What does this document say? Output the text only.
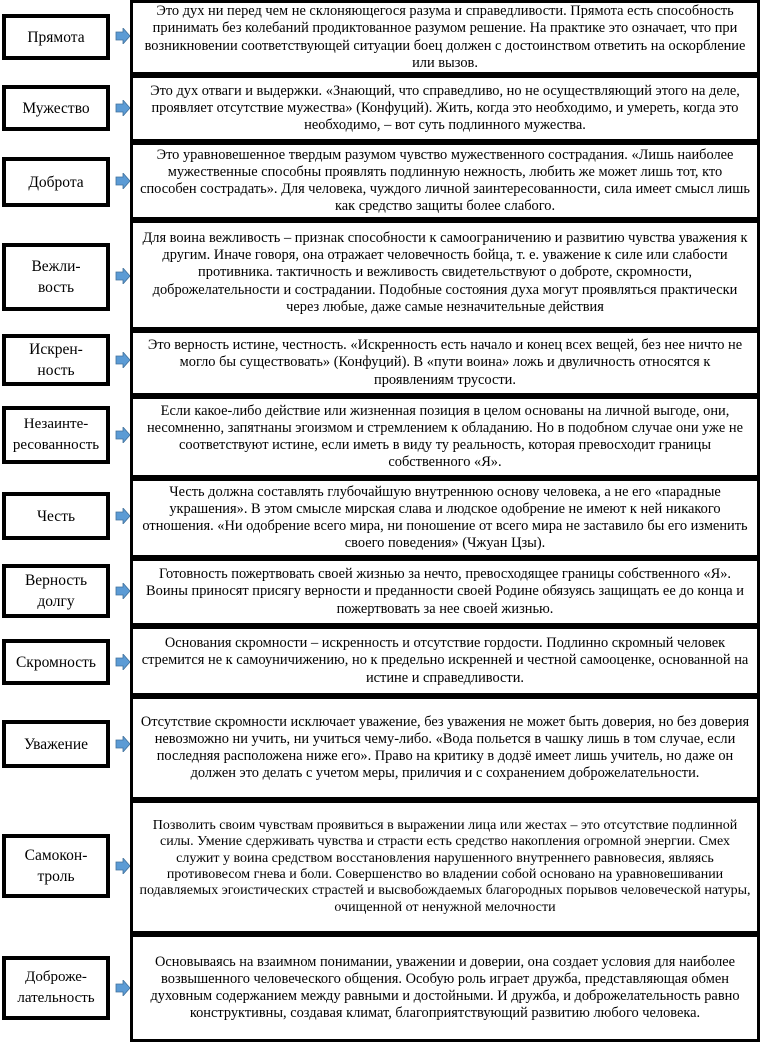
Прямота
Это дух ни перед чем не склоняющегося разума и справедливости. Прямота есть способность принимать без колебаний продиктованное разумом решение. На практике это означает, что при возникновении соответствующей ситуации боец должен с достоинством ответить на оскорбление или вызов.
Мужество
Это дух отваги и выдержки. «Знающий, что справедливо, но не осуществляющий этого на деле, проявляет отсутствие мужества» (Конфуций). Жить, когда это необходимо, и умереть, когда это необходимо, – вот суть подлинного мужества.
Доброта
Это уравновешенное твердым разумом чувство мужественного сострадания. «Лишь наиболее мужественные способны проявлять подлинную нежность, любить же может лишь тот, кто способен сострадать». Для человека, чуждого личной заинтересованности, сила имеет смысл лишь как средство защиты более слабого.
Вежли-
вость
Для воина вежливость – признак способности к самоограничению и развитию чувства уважения к другим. Иначе говоря, она отражает человечность бойца, т. е. уважение к силе или слабости противника. тактичность и вежливость свидетельствуют о доброте, скромности, доброжелательности и сострадании. Подобные состояния духа могут проявляться практически через любые, даже самые незначительные действия
Искрен-
ность
Это верность истине, честность. «Искренность есть начало и конец всех вещей, без нее ничто не могло бы существовать» (Конфуций). В «пути воина» ложь и двуличность относятся к проявлениям трусости.
Незаинте-
ресованность
Если какое-либо действие или жизненная позиция в целом основаны на личной выгоде, они, несомненно, запятнаны эгоизмом и стремлением к обладанию. Но в подобном случае они уже не соответствуют истине, если иметь в виду ту реальность, которая превосходит границы собственного «Я».
Честь
Честь должна составлять глубочайшую внутреннюю основу человека, а не его «парадные украшения». В этом смысле мирская слава и людское одобрение не имеют к ней никакого отношения. «Ни одобрение всего мира, ни поношение от всего мира не заставило бы его изменить своего поведения» (Чжуан Цзы).
Верность долгу
Готовность пожертвовать своей жизнью за нечто, превосходящее границы собственного «Я». Воины приносят присягу верности и преданности своей Родине обязуясь защищать ее до конца и пожертвовать за нее своей жизнью.
Скромность
Основания скромности – искренность и отсутствие гордости. Подлинно скромный человек стремится не к самоуничижению, но к предельно искренней и честной самооценке, основанной на истине и справедливости.
Уважение
Отсутствие скромности исключает уважение, без уважения не может быть доверия, но без доверия невозможно ни учить, ни учиться чему-либо. «Вода польется в чашку лишь в том случае, если последняя расположена ниже его». Право на критику в додзё имеет лишь учитель, но даже он должен это делать с учетом меры, приличия и с сохранением доброжелательности.
Самокон-
троль
Позволить своим чувствам проявиться в выражении лица или жестах – это отсутствие подлинной силы. Умение сдерживать чувства и страсти есть средство накопления огромной энергии. Смех служит у воина средством восстановления нарушенного внутреннего равновесия, являясь противовесом гнева и боли. Совершенство во владении собой основано на уравновешивании подавляемых эгоистических страстей и высвобождаемых благородных порывов человеческой натуры, очищенной от ненужной мелочности
Доброже-
лательность
Основываясь на взаимном понимании, уважении и доверии, она создает условия для наиболее возвышенного человеческого общения. Особую роль играет дружба, представляющая обмен духовным содержанием между равными и достойными. И дружба, и доброжелательность равно конструктивны, создавая климат, благоприятствующий развитию любого человека.
